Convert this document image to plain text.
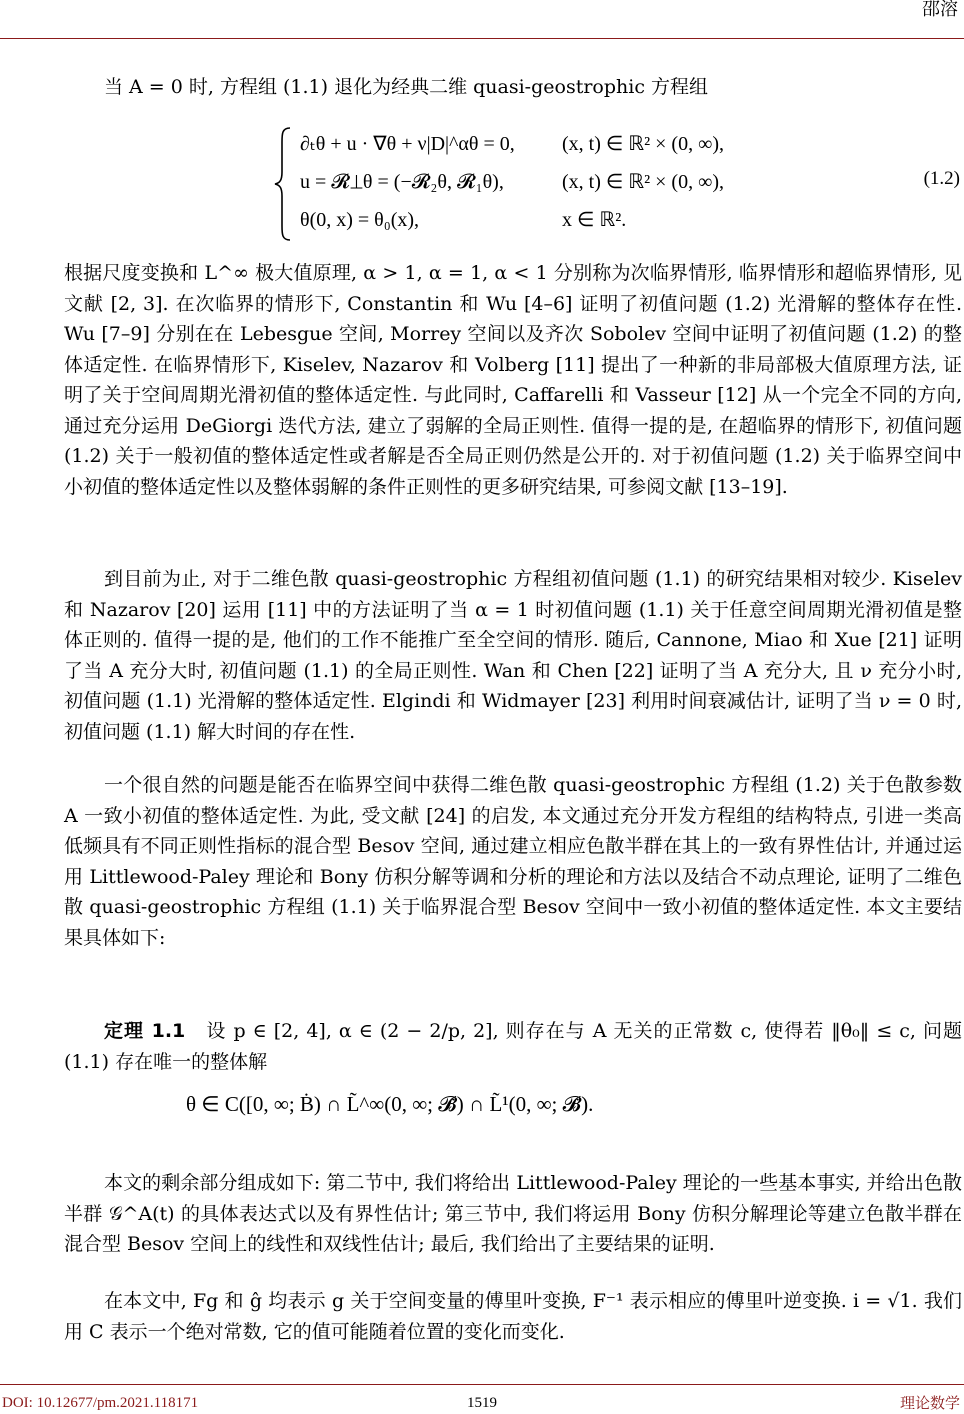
邵溶

当 A = 0 时, 方程组 (1.1) 退化为经典二维 quasi-geostrophic 方程组

∂ₜθ + u · ∇θ + ν|D|^αθ = 0, (x, t) ∈ ℝ² × (0, ∞),
u = 𝓡⊥θ = (−𝓡₂θ, 𝓡₁θ),	(x, t) ∈ ℝ² × (0, ∞),
θ(0, x) = θ₀(x),	x ∈ ℝ².
(1.2)

根据尺度变换和 L^∞ 极大值原理, α > 1, α = 1, α < 1 分别称为次临界情形, 临界情形和超临界情形, 见文献 [2, 3]. 在次临界的情形下, Constantin 和 Wu [4–6] 证明了初值问题 (1.2) 光滑解的整体存在性. Wu [7–9] 分别在在 Lebesgue 空间, Morrey 空间以及齐次 Sobolev 空间中证明了初值问题 (1.2) 的整体适定性. 在临界情形下, Kiselev, Nazarov 和 Volberg [11] 提出了一种新的非局部极大值原理方法, 证明了关于空间周期光滑初值的整体适定性. 与此同时, Caffarelli 和 Vasseur [12] 从一个完全不同的方向, 通过充分运用 DeGiorgi 迭代方法, 建立了弱解的全局正则性. 值得一提的是, 在超临界的情形下, 初值问题 (1.2) 关于一般初值的整体适定性或者解是否全局正则仍然是公开的. 对于初值问题 (1.2) 关于临界空间中小初值的整体适定性以及整体弱解的条件正则性的更多研究结果, 可参阅文献 [13–19].

到目前为止, 对于二维色散 quasi-geostrophic 方程组初值问题 (1.1) 的研究结果相对较少. Kiselev 和 Nazarov [20] 运用 [11] 中的方法证明了当 α = 1 时初值问题 (1.1) 关于任意空间周期光滑初值是整体正则的. 值得一提的是, 他们的工作不能推广至全空间的情形. 随后, Cannone, Miao 和 Xue [21] 证明了当 A 充分大时, 初值问题 (1.1) 的全局正则性. Wan 和 Chen [22] 证明了当 A 充分大, 且 ν 充分小时, 初值问题 (1.1) 光滑解的整体适定性. Elgindi 和 Widmayer [23] 利用时间衰减估计, 证明了当 ν = 0 时, 初值问题 (1.1) 解大时间的存在性.

一个很自然的问题是能否在临界空间中获得二维色散 quasi-geostrophic 方程组 (1.2) 关于色散参数 A 一致小初值的整体适定性. 为此, 受文献 [24] 的启发, 本文通过充分开发方程组的结构特点, 引进一类高低频具有不同正则性指标的混合型 Besov 空间, 通过建立相应色散半群在其上的一致有界性估计, 并通过运用 Littlewood-Paley 理论和 Bony 仿积分解等调和分析的理论和方法以及结合不动点理论, 证明了二维色散 quasi-geostrophic 方程组 (1.1) 关于临界混合型 Besov 空间中一致小初值的整体适定性. 本文主要结果具体如下:

定理 1.1 设 p ∈ [2, 4], α ∈ (2 − 2/p, 2], 则存在与 A 无关的正常数 c, 使得若 ‖θ₀‖ ≤ c, 问题 (1.1) 存在唯一的整体解

θ ∈ C([0, ∞; Ḃ) ∩ L̃^∞(0, ∞; 𝓑̇) ∩ L̃¹(0, ∞; 𝓑̇).

本文的剩余部分组成如下: 第二节中, 我们将给出 Littlewood-Paley 理论的一些基本事实, 并给出色散半群 𝒢^A(t) 的具体表达式以及有界性估计; 第三节中, 我们将运用 Bony 仿积分解理论等建立色散半群在混合型 Besov 空间上的线性和双线性估计; 最后, 我们给出了主要结果的证明.

在本文中, Fg 和 ĝ 均表示 g 关于空间变量的傅里叶变换, F⁻¹ 表示相应的傅里叶逆变换. i = √1. 我们用 C 表示一个绝对常数, 它的值可能随着位置的变化而变化.

DOI: 10.12677/pm.2021.118171	1519	理论数学
